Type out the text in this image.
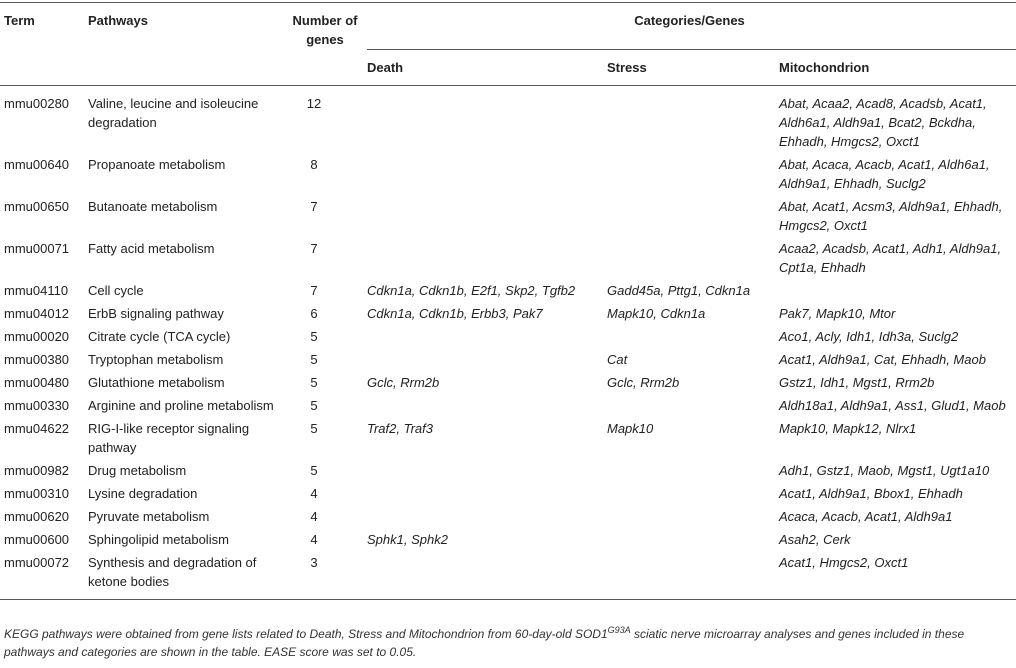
Term	Pathways	Number of genes	Categories/Genes		
			Death	Stress	Mitochondrion
mmu00280	Valine, leucine and isoleucine degradation	12			Abat, Acaa2, Acad8, Acadsb, Acat1, Aldh6a1, Aldh9a1, Bcat2, Bckdha, Ehhadh, Hmgcs2, Oxct1
mmu00640	Propanoate metabolism	8			Abat, Acaca, Acacb, Acat1, Aldh6a1, Aldh9a1, Ehhadh, Suclg2
mmu00650	Butanoate metabolism	7			Abat, Acat1, Acsm3, Aldh9a1, Ehhadh, Hmgcs2, Oxct1
mmu00071	Fatty acid metabolism	7			Acaa2, Acadsb, Acat1, Adh1, Aldh9a1, Cpt1a, Ehhadh
mmu04110	Cell cycle	7	Cdkn1a, Cdkn1b, E2f1, Skp2, Tgfb2	Gadd45a, Pttg1, Cdkn1a	
mmu04012	ErbB signaling pathway	6	Cdkn1a, Cdkn1b, Erbb3, Pak7	Mapk10, Cdkn1a	Pak7, Mapk10, Mtor
mmu00020	Citrate cycle (TCA cycle)	5			Aco1, Acly, Idh1, Idh3a, Suclg2
mmu00380	Tryptophan metabolism	5		Cat	Acat1, Aldh9a1, Cat, Ehhadh, Maob
mmu00480	Glutathione metabolism	5	Gclc, Rrm2b	Gclc, Rrm2b	Gstz1, Idh1, Mgst1, Rrm2b
mmu00330	Arginine and proline metabolism	5			Aldh18a1, Aldh9a1, Ass1, Glud1, Maob
mmu04622	RIG-I-like receptor signaling pathway	5	Traf2, Traf3	Mapk10	Mapk10, Mapk12, Nlrx1
mmu00982	Drug metabolism	5			Adh1, Gstz1, Maob, Mgst1, Ugt1a10
mmu00310	Lysine degradation	4			Acat1, Aldh9a1, Bbox1, Ehhadh
mmu00620	Pyruvate metabolism	4			Acaca, Acacb, Acat1, Aldh9a1
mmu00600	Sphingolipid metabolism	4	Sphk1, Sphk2		Asah2, Cerk
mmu00072	Synthesis and degradation of ketone bodies	3			Acat1, Hmgcs2, Oxct1
KEGG pathways were obtained from gene lists related to Death, Stress and Mitochondrion from 60-day-old $SOD1^{G93A}$ sciatic nerve microarray analyses and genes included in these pathways and categories are shown in the table. EASE score was set to 0.05.
